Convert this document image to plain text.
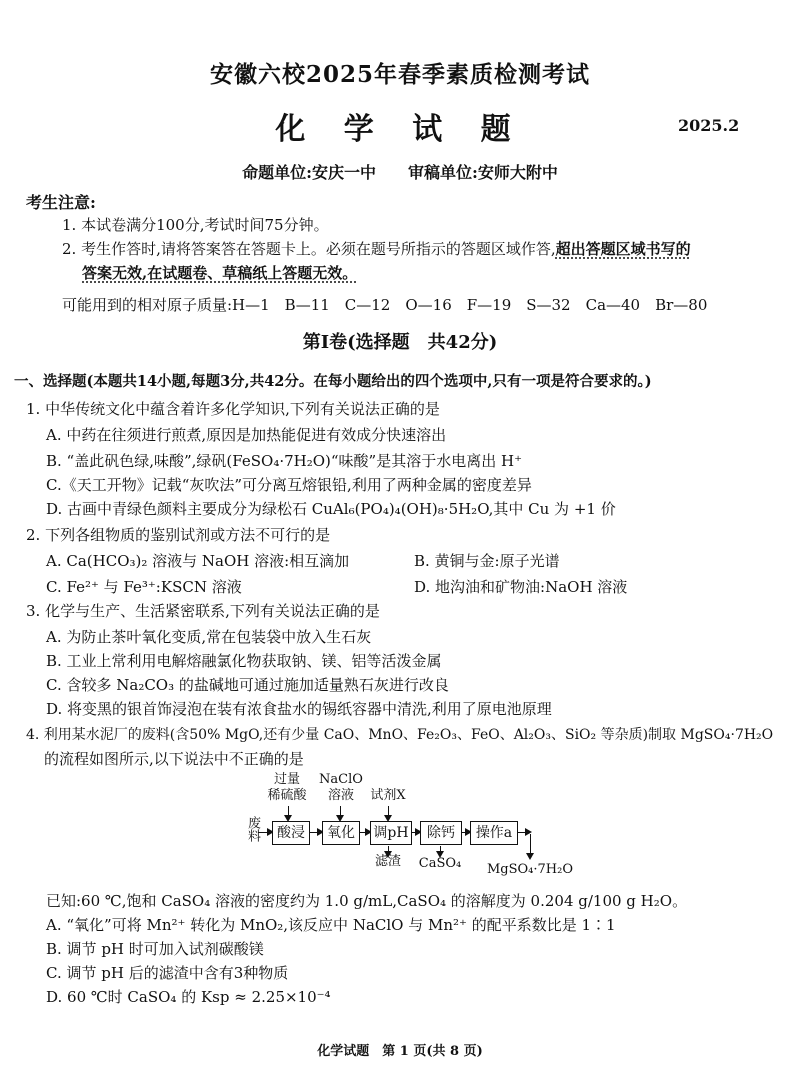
安徽六校2025年春季素质检测考试
化 学 试 题	2025.2
命题单位:安庆一中　　审稿单位:安师大附中
考生注意:
1. 本试卷满分100分,考试时间75分钟。
2. 考生作答时,请将答案答在答题卡上。必须在题号所指示的答题区域作答,超出答题区域书写的
答案无效,在试题卷、草稿纸上答题无效。
可能用到的相对原子质量:H—1　B—11　C—12　O—16　F—19　S—32　Ca—40　Br—80
第Ⅰ卷(选择题　共42分)
一、选择题(本题共14小题,每题3分,共42分。在每小题给出的四个选项中,只有一项是符合要求的。)
1. 中华传统文化中蕴含着许多化学知识,下列有关说法正确的是
A. 中药在往须进行煎煮,原因是加热能促进有效成分快速溶出
B. “盖此矾色绿,味酸”,绿矾(FeSO₄·7H₂O)“味酸”是其溶于水电离出 H⁺
C.《天工开物》记载“灰吹法”可分离互熔银铅,利用了两种金属的密度差异
D. 古画中青绿色颜料主要成分为绿松石 CuAl₆(PO₄)₄(OH)₈·5H₂O,其中 Cu 为 +1 价
2. 下列各组物质的鉴别试剂或方法不可行的是
A. Ca(HCO₃)₂ 溶液与 NaOH 溶液:相互滴加	B. 黄铜与金:原子光谱
C. Fe²⁺ 与 Fe³⁺:KSCN 溶液	D. 地沟油和矿物油:NaOH 溶液
3. 化学与生产、生活紧密联系,下列有关说法正确的是
A. 为防止茶叶氧化变质,常在包装袋中放入生石灰
B. 工业上常利用电解熔融氯化物获取钠、镁、铝等活泼金属
C. 含较多 Na₂CO₃ 的盐碱地可通过施加适量熟石灰进行改良
D. 将变黑的银首饰浸泡在装有浓食盐水的锡纸容器中清洗,利用了原电池原理
4. 利用某水泥厂的废料(含50% MgO,还有少量 CaO、MnO、Fe₂O₃、FeO、Al₂O₃、SiO₂ 等杂质)制取 MgSO₄·7H₂O
的流程如图所示,以下说法中不正确的是
过量
稀硫酸
NaClO
溶液	试剂X
废料	酸浸	氧化	调pH	除钙	操作a
滤渣	CaSO₄	MgSO₄·7H₂O
已知:60 ℃,饱和 CaSO₄ 溶液的密度约为 1.0 g/mL,CaSO₄ 的溶解度为 0.204 g/100 g H₂O。
A. “氧化”可将 Mn²⁺ 转化为 MnO₂,该反应中 NaClO 与 Mn²⁺ 的配平系数比是 1∶1
B. 调节 pH 时可加入试剂碳酸镁
C. 调节 pH 后的滤渣中含有3种物质
D. 60 ℃时 CaSO₄ 的 Ksp ≈ 2.25×10⁻⁴
化学试题　第 1 页(共 8 页)
